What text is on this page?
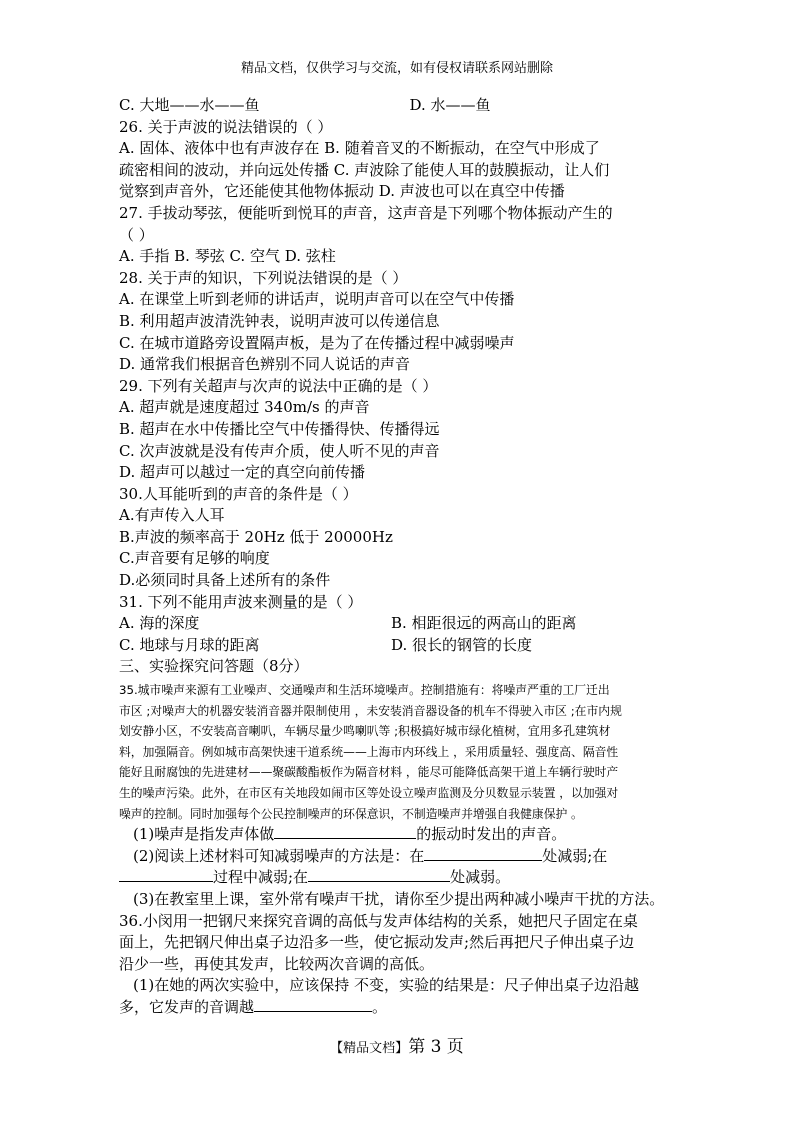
精品文档，仅供学习与交流，如有侵权请联系网站删除
C. 大地——水——鱼	D. 水——鱼
26. 关于声波的说法错误的（ ）
A. 固体、液体中也有声波存在 B. 随着音叉的不断振动，在空气中形成了
疏密相间的波动，并向远处传播 C. 声波除了能使人耳的鼓膜振动，让人们
觉察到声音外，它还能使其他物体振动 D. 声波也可以在真空中传播
27. 手拔动琴弦，便能听到悦耳的声音，这声音是下列哪个物体振动产生的
（ ）
A. 手指 B. 琴弦 C. 空气 D. 弦柱
28. 关于声的知识，下列说法错误的是（ ）
A. 在课堂上听到老师的讲话声，说明声音可以在空气中传播
B. 利用超声波清洗钟表，说明声波可以传递信息
C. 在城市道路旁设置隔声板，是为了在传播过程中减弱噪声
D. 通常我们根据音色辨别不同人说话的声音
29. 下列有关超声与次声的说法中正确的是（ ）
A. 超声就是速度超过 340m/s 的声音
B. 超声在水中传播比空气中传播得快、传播得远
C. 次声波就是没有传声介质，使人听不见的声音
D. 超声可以越过一定的真空向前传播
30.人耳能听到的声音的条件是（ ）
A.有声传入人耳
B.声波的频率高于 20Hz 低于 20000Hz
C.声音要有足够的响度
D.必须同时具备上述所有的条件
31. 下列不能用声波来测量的是（ ）
A. 海的深度	B. 相距很远的两高山的距离
C. 地球与月球的距离	D. 很长的钢管的长度
三、实验探究问答题（8分）
35.城市噪声来源有工业噪声、交通噪声和生活环境噪声。控制措施有：将噪声严重的工厂迁出
市区 ;对噪声大的机器安装消音器并限制使用 ，未安装消音器设备的机车不得驶入市区 ;在市内规
划安静小区，不安装高音喇叭，车辆尽量少鸣喇叭等 ;积极搞好城市绿化植树，宜用多孔建筑材
料，加强隔音。例如城市高架快速干道系统——上海市内环线上 ，采用质量轻、强度高、隔音性
能好且耐腐蚀的先进建材——聚碳酸酯板作为隔音材料 ，能尽可能降低高架干道上车辆行驶时产
生的噪声污染。此外，在市区有关地段如闹市区等处设立噪声监测及分贝数显示装置 ，以加强对
噪声的控制。同时加强每个公民控制噪声的环保意识，不制造噪声并增强自我健康保护 。
(1)噪声是指发声体做	的振动时发出的声音。
(2)阅读上述材料可知减弱噪声的方法是：在	处减弱;在
过程中减弱;在	处减弱。
(3)在教室里上课，室外常有噪声干扰，请你至少提出两种减小噪声干扰的方法。
36.小闵用一把钢尺来探究音调的高低与发声体结构的关系，她把尺子固定在桌
面上，先把钢尺伸出桌子边沿多一些，使它振动发声;然后再把尺子伸出桌子边
沿少一些，再使其发声，比较两次音调的高低。
(1)在她的两次实验中，应该保持 不变，实验的结果是：尺子伸出桌子边沿越
多，它发声的音调越	。
【精品文档】第 3 页
